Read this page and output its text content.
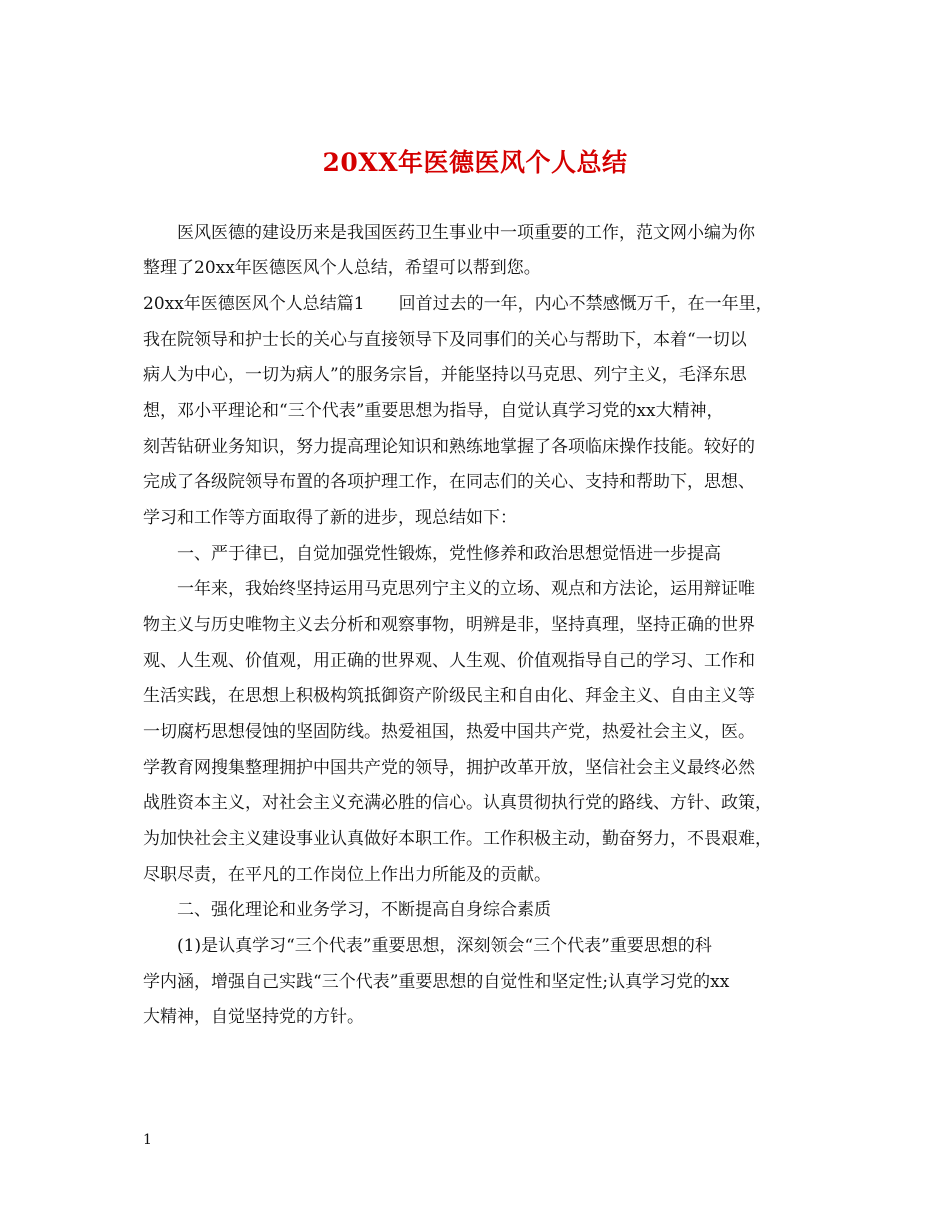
20XX年医德医风个人总结
医风医德的建设历来是我国医药卫生事业中一项重要的工作，范文网小编为你
整理了20xx年医德医风个人总结，希望可以帮到您。
20xx年医德医风个人总结篇1　　回首过去的一年，内心不禁感慨万千，在一年里，
我在院领导和护士长的关心与直接领导下及同事们的关心与帮助下，本着“一切以
病人为中心，一切为病人”的服务宗旨，并能坚持以马克思、列宁主义，毛泽东思
想，邓小平理论和“三个代表”重要思想为指导，自觉认真学习党的xx大精神，
刻苦钻研业务知识，努力提高理论知识和熟练地掌握了各项临床操作技能。较好的
完成了各级院领导布置的各项护理工作，在同志们的关心、支持和帮助下，思想、
学习和工作等方面取得了新的进步，现总结如下：
一、严于律已，自觉加强党性锻炼，党性修养和政治思想觉悟进一步提高
一年来，我始终坚持运用马克思列宁主义的立场、观点和方法论，运用辩证唯
物主义与历史唯物主义去分析和观察事物，明辨是非，坚持真理，坚持正确的世界
观、人生观、价值观，用正确的世界观、人生观、价值观指导自己的学习、工作和
生活实践，在思想上积极构筑抵御资产阶级民主和自由化、拜金主义、自由主义等
一切腐朽思想侵蚀的坚固防线。热爱祖国，热爱中国共产党，热爱社会主义，医。
学教育网搜集整理拥护中国共产党的领导，拥护改革开放，坚信社会主义最终必然
战胜资本主义，对社会主义充满必胜的信心。认真贯彻执行党的路线、方针、政策，
为加快社会主义建设事业认真做好本职工作。工作积极主动，勤奋努力，不畏艰难，
尽职尽责，在平凡的工作岗位上作出力所能及的贡献。
二、强化理论和业务学习，不断提高自身综合素质
(1)是认真学习“三个代表”重要思想，深刻领会“三个代表”重要思想的科
学内涵，增强自己实践“三个代表”重要思想的自觉性和坚定性;认真学习党的xx
大精神，自觉坚持党的方针。
1
